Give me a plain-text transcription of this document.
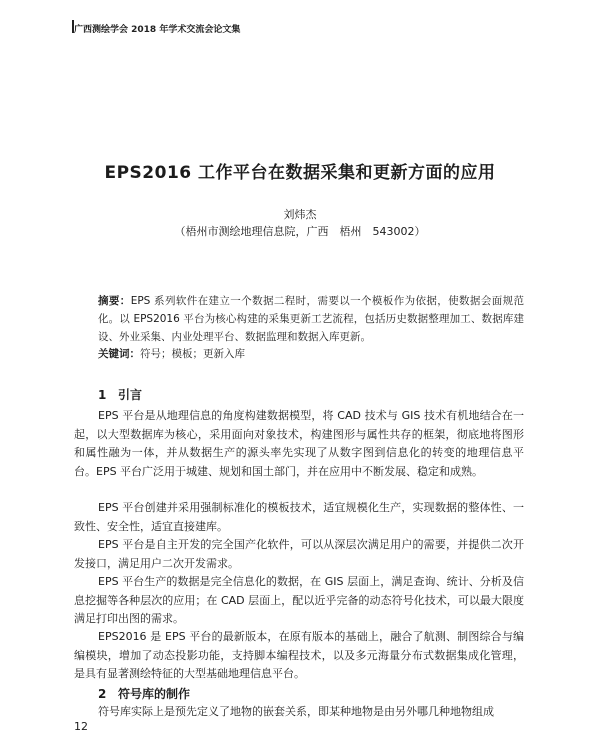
广西测绘学会 2018 年学术交流会论文集
EPS2016 工作平台在数据采集和更新方面的应用
刘炜杰
（梧州市测绘地理信息院，广西　梧州　543002）
摘要：EPS 系列软件在建立一个数据二程时，需要以一个模板作为依据，使数据会面规范化。以 EPS2016 平台为核心构建的采集更新工艺流程，包括历史数据整理加工、数据库建设、外业采集、内业处理平台、数据监理和数据入库更新。
关键词：符号；模板；更新入库
1 引言
EPS 平台是从地理信息的角度构建数据模型，将 CAD 技术与 GIS 技术有机地结合在一起，以大型数据库为核心，采用面向对象技术，构建图形与属性共存的框架，彻底地将图形和属性融为一体，并从数据生产的源头率先实现了从数字图到信息化的转变的地理信息平台。EPS 平台广泛用于城建、规划和国土部门，并在应用中不断发展、稳定和成熟。
EPS 平台创建并采用强制标准化的模板技术，适宜规模化生产，实现数据的整体性、一致性、安全性，适宜直接建库。
EPS 平台是自主开发的完全国产化软件，可以从深层次满足用户的需要，并提供二次开发接口，满足用户二次开发需求。
EPS 平台生产的数据是完全信息化的数据，在 GIS 层面上，满足查询、统计、分析及信息挖掘等各种层次的应用；在 CAD 层面上，配以近乎完备的动态符号化技术，可以最大限度满足打印出图的需求。
EPS2016 是 EPS 平台的最新版本，在原有版本的基础上，融合了航测、制图综合与编编模块，增加了动态投影功能，支持脚本编程技术，以及多元海量分布式数据集成化管理，是具有显著测绘特征的大型基础地理信息平台。
2 符号库的制作
符号库实际上是预先定义了地物的嵌套关系，即某种地物是由另外哪几种地物组成
12
